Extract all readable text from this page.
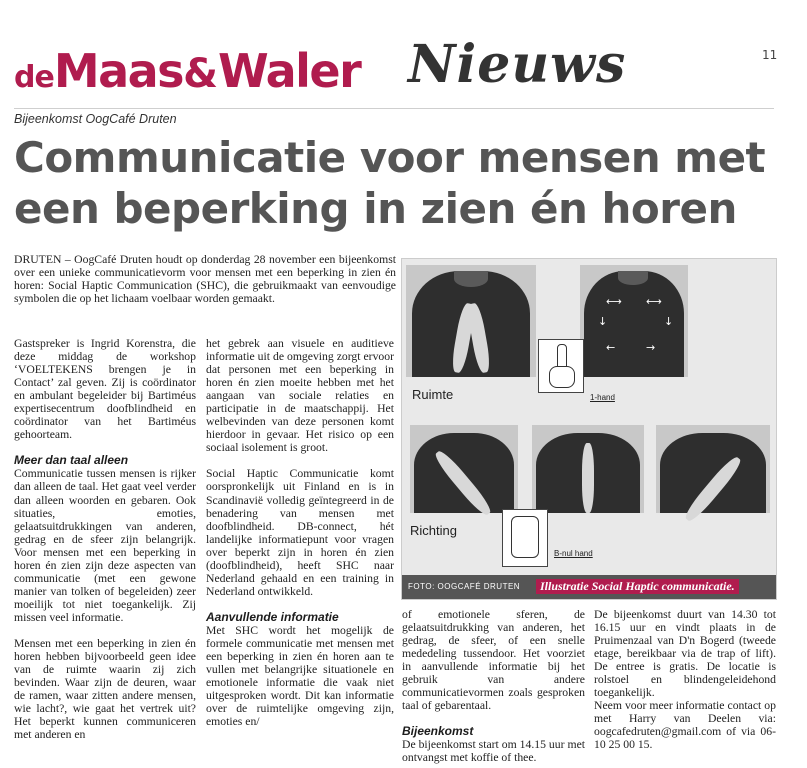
deMaas&Waler Nieuws	11
Bijeenkomst OogCafé Druten
Communicatie voor mensen met een beperking in zien én horen

DRUTEN – OogCafé Druten houdt op donderdag 28 november een bijeenkomst over een unieke communicatievorm voor mensen met een beperking in zien én horen: Social Haptic Communication (SHC), die gebruikmaakt van eenvoudige symbolen die op het lichaam voelbaar worden gemaakt.

Gastspreker is Ingrid Korenstra, die deze middag de workshop ‘VOELTEKENS brengen je in Contact’ zal geven. Zij is coördinator en ambulant begeleider bij Bartiméus expertisecentrum doofblindheid en coördinator van het Bartiméus gehoorteam.

Meer dan taal alleen

Communicatie tussen mensen is rijker dan alleen de taal. Het gaat veel verder dan alleen woorden en gebaren. Ook situaties, emoties, gelaatsuitdrukkingen van anderen, gedrag en de sfeer zijn belangrijk. Voor mensen met een beperking in horen én zien zijn deze aspecten van communicatie (met een gewone manier van tolken of begeleiden) zeer moeilijk tot niet toegankelijk. Zij missen veel informatie.

Mensen met een beperking in zien én horen hebben bijvoorbeeld geen idee van de ruimte waarin zij zich bevinden. Waar zijn de deuren, waar de ramen, waar zitten andere mensen, wie lacht?, wie gaat het vertrek uit? Het beperkt kunnen communiceren met anderen en

het gebrek aan visuele en auditieve informatie uit de omgeving zorgt ervoor dat personen met een beperking in horen én zien moeite hebben met het aangaan van sociale relaties en participatie in de maatschappij. Het welbevinden van deze personen komt hierdoor in gevaar. Het risico op een sociaal isolement is groot.

Social Haptic Communicatie komt oorspronkelijk uit Finland en is in Scandinavië volledig geïntegreerd in de benadering van mensen met doofblindheid. DB-connect, hét landelijke informatiepunt voor vragen over beperkt zijn in horen én zien (doofblindheid), heeft SHC naar Nederland gehaald en een training in Nederland ontwikkeld.

Aanvullende informatie

Met SHC wordt het mogelijk de formele communicatie met mensen met een beperking in zien én horen aan te vullen met belangrijke situationele en emotionele informatie die vaak niet uitgesproken wordt. Dit kan informatie over de ruimtelijke omgeving zijn, emoties en/

⟷ ⟷
↓	↓
←	→
Ruimte	1-hand
Richting
B-nul hand
FOTO: OOGCAFÉ DRUTEN	Illustratie Social Haptic communicatie.

of emotionele sferen, de gelaatsuitdrukking van anderen, het gedrag, de sfeer, of een snelle mededeling tussendoor. Het voorziet in aanvullende informatie bij het gebruik van andere communicatievormen zoals gesproken taal of gebarentaal.

Bijeenkomst

De bijeenkomst start om 14.15 uur met ontvangst met koffie of thee.

De bijeenkomst duurt van 14.30 tot 16.15 uur en vindt plaats in de Pruimenzaal van D'n Bogerd (tweede etage, bereikbaar via de trap of lift). De entree is gratis. De locatie is rolstoel en blindengeleidehond toegankelijk.

Neem voor meer informatie contact op met Harry van Deelen via: oogcafedruten@gmail.com of via 06-10 25 00 15.
